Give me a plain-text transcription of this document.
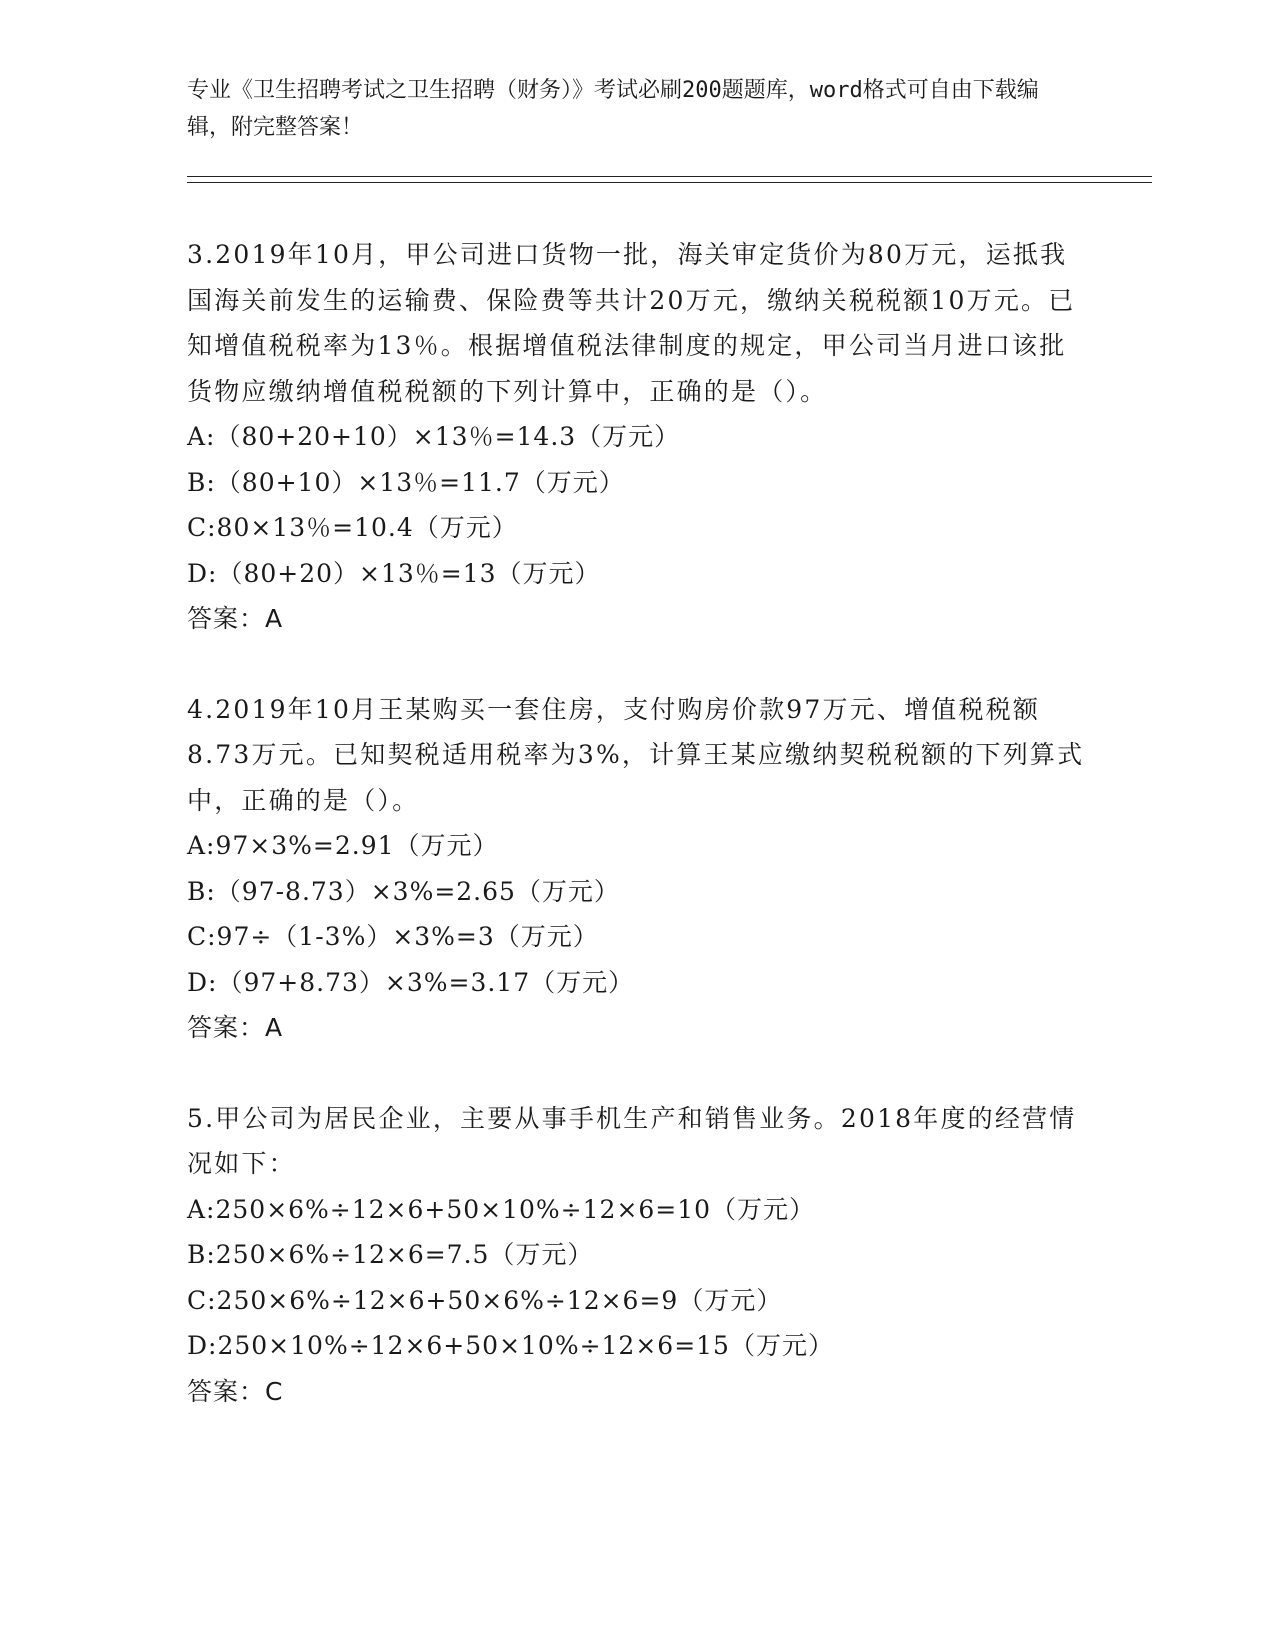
专业《卫生招聘考试之卫生招聘（财务）》考试必刷200题题库，word格式可自由下载编辑，附完整答案！
3.2019年10月，甲公司进口货物一批，海关审定货价为80万元，运抵我国海关前发生的运输费、保险费等共计20万元，缴纳关税税额10万元。已知增值税税率为13％。根据增值税法律制度的规定，甲公司当月进口该批货物应缴纳增值税税额的下列计算中，正确的是（）。
A:（80+20+10）×13％=14.3（万元）
B:（80+10）×13％=11.7（万元）
C:80×13％=10.4（万元）
D:（80+20）×13％=13（万元）
答案：A
4.2019年10月王某购买一套住房，支付购房价款97万元、增值税税额8.73万元。已知契税适用税率为3%，计算王某应缴纳契税税额的下列算式中，正确的是（）。
A:97×3%=2.91（万元）
B:（97-8.73）×3%=2.65（万元）
C:97÷（1-3%）×3%=3（万元）
D:（97+8.73）×3%=3.17（万元）
答案：A
5.甲公司为居民企业，主要从事手机生产和销售业务。2018年度的经营情况如下：
A:250×6%÷12×6+50×10%÷12×6=10（万元）
B:250×6%÷12×6=7.5（万元）
C:250×6%÷12×6+50×6%÷12×6=9（万元）
D:250×10%÷12×6+50×10%÷12×6=15（万元）
答案：C
